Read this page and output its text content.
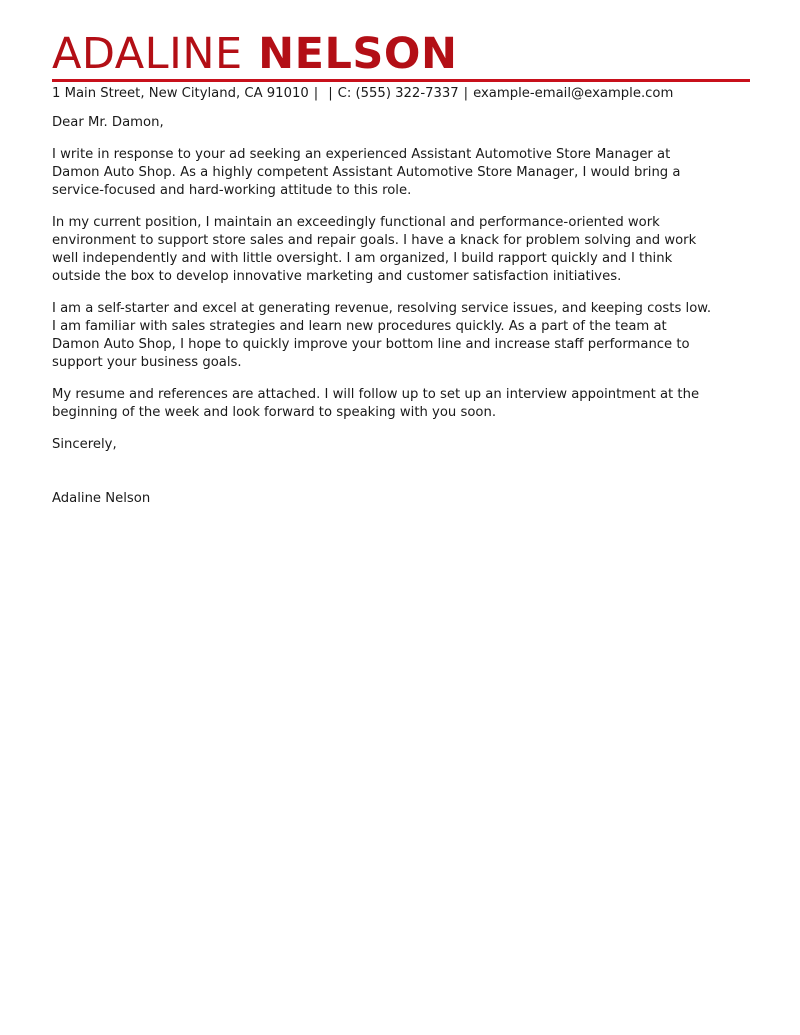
ADALINE NELSON
1 Main Street, New Cityland, CA 91010 | | C: (555) 322-7337 | example-email@example.com

Dear Mr. Damon,

I write in response to your ad seeking an experienced Assistant Automotive Store Manager at
Damon Auto Shop. As a highly competent Assistant Automotive Store Manager, I would bring a
service-focused and hard-working attitude to this role.

In my current position, I maintain an exceedingly functional and performance-oriented work
environment to support store sales and repair goals. I have a knack for problem solving and work
well independently and with little oversight. I am organized, I build rapport quickly and I think
outside the box to develop innovative marketing and customer satisfaction initiatives.

I am a self-starter and excel at generating revenue, resolving service issues, and keeping costs low.
I am familiar with sales strategies and learn new procedures quickly. As a part of the team at
Damon Auto Shop, I hope to quickly improve your bottom line and increase staff performance to
support your business goals.

My resume and references are attached. I will follow up to set up an interview appointment at the
beginning of the week and look forward to speaking with you soon.

Sincerely,

Adaline Nelson
